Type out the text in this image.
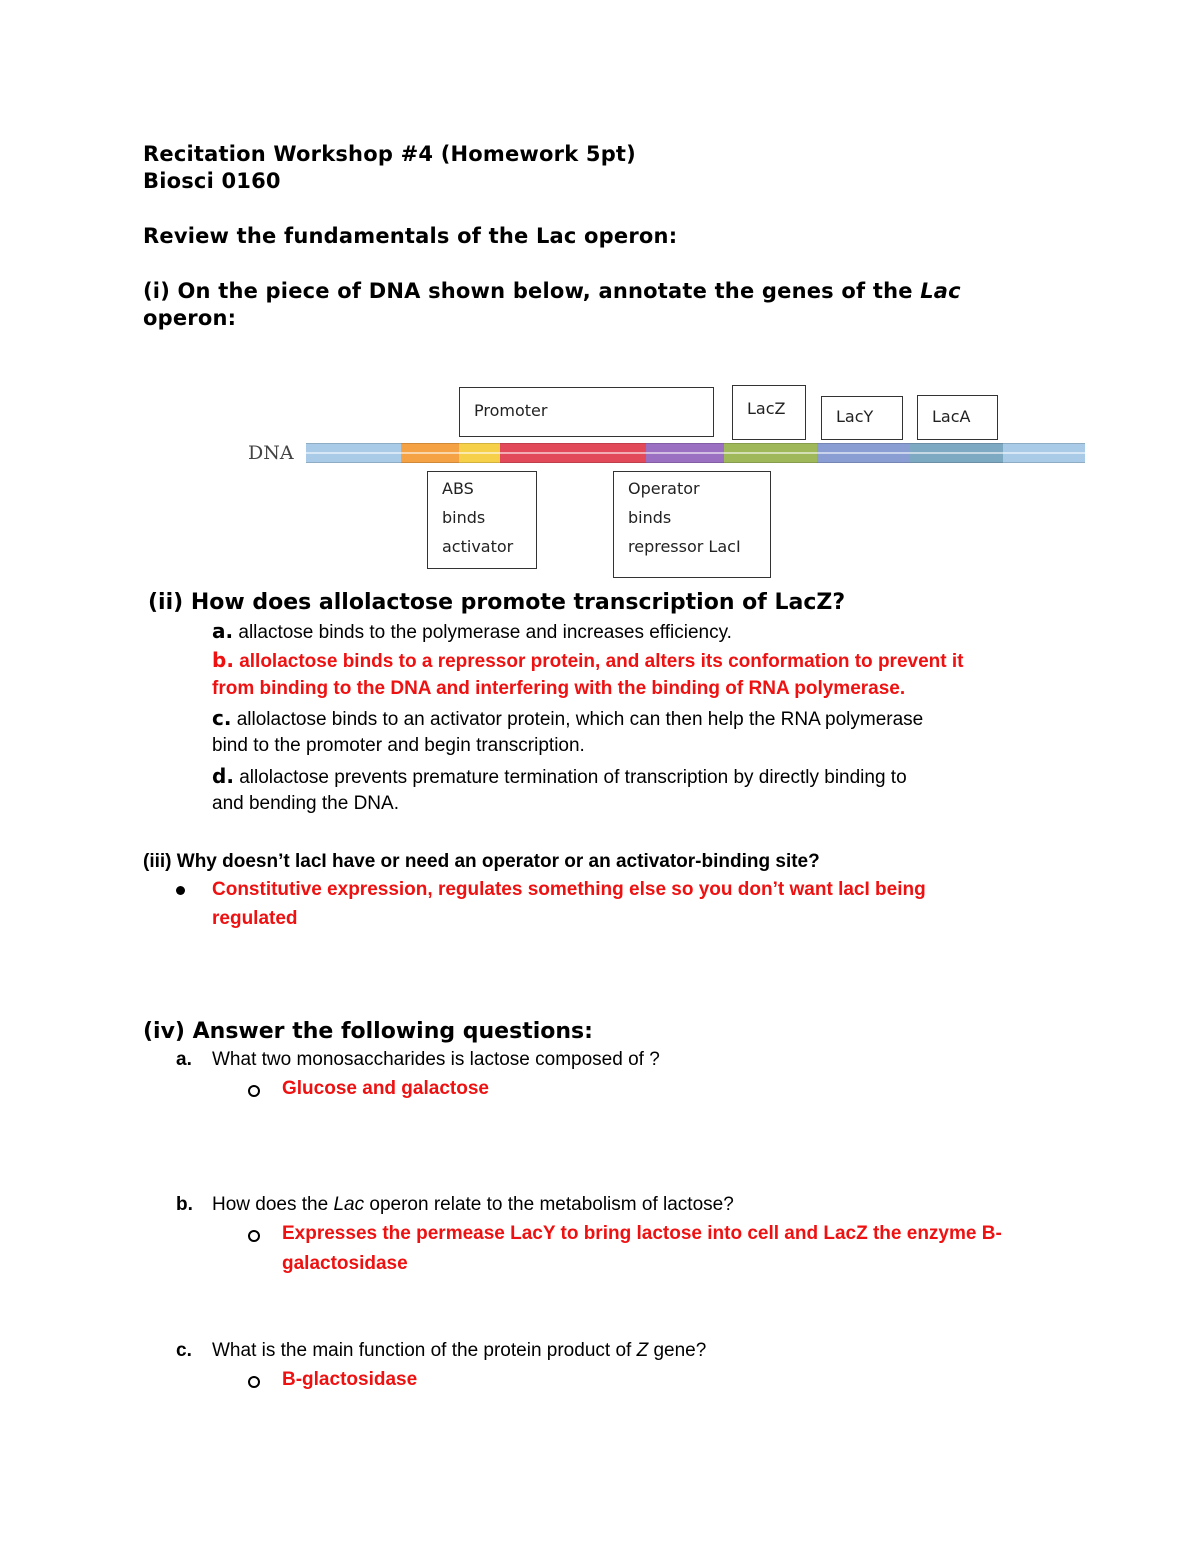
Recitation Workshop #4 (Homework 5pt)
Biosci 0160
Review the fundamentals of the Lac operon:
(i) On the piece of DNA shown below, annotate the genes of the Lac
operon:
DNA
Promoter	LacZ	LacY	LacA
ABS
binds
activator
Operator
binds
repressor LacI
(ii) How does allolactose promote transcription of LacZ?
a. allactose binds to the polymerase and increases efficiency.
b. allolactose binds to a repressor protein, and alters its conformation to prevent it
from binding to the DNA and interfering with the binding of RNA polymerase.
c. allolactose binds to an activator protein, which can then help the RNA polymerase
bind to the promoter and begin transcription.
d. allolactose prevents premature termination of transcription by directly binding to
and bending the DNA.
(iii) Why doesn’t lacI have or need an operator or an activator-binding site?
Constitutive expression, regulates something else so you don’t want lacI being
regulated
(iv) Answer the following questions:
a. What two monosaccharides is lactose composed of ?
Glucose and galactose
b. How does the Lac operon relate to the metabolism of lactose?
Expresses the permease LacY to bring lactose into cell and LacZ the enzyme B-
galactosidase
c. What is the main function of the protein product of Z gene?
B-glactosidase
